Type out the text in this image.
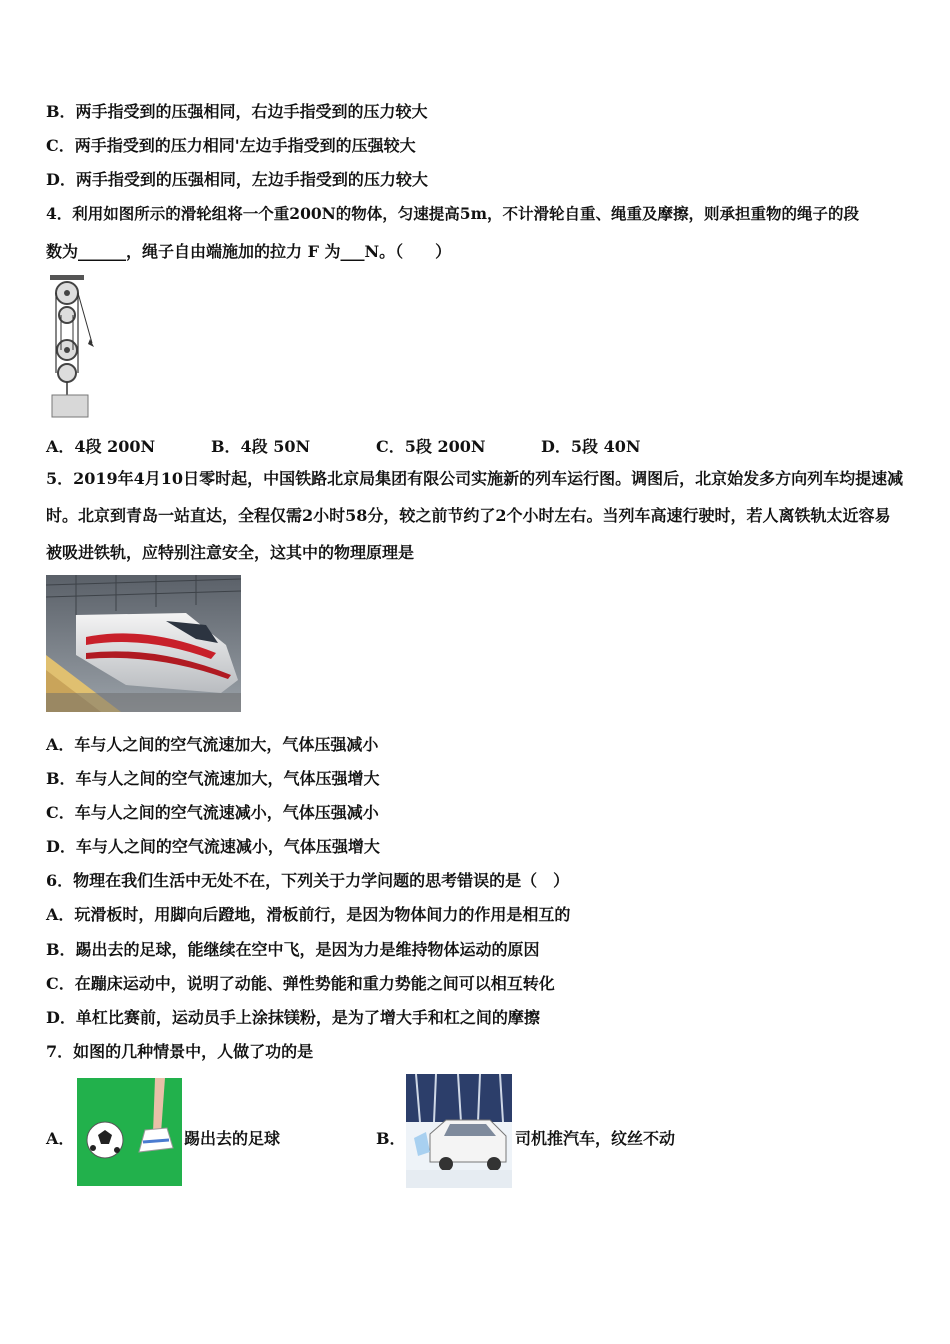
B．两手指受到的压强相同，右边手指受到的压力较大
C．两手指受到的压力相同'左边手指受到的压强较大
D．两手指受到的压强相同，左边手指受到的压力较大
4．利用如图所示的滑轮组将一个重200N的物体，匀速提高5m，不计滑轮自重、绳重及摩擦，则承担重物的绳子的段
数为______，绳子自由端施加的拉力 F 为___N。（　　）
A．4段 200N	B．4段 50N	C．5段 200N	D．5段 40N
5．2019年4月10日零时起，中国铁路北京局集团有限公司实施新的列车运行图。调图后，北京始发多方向列车均提速减时。北京到青岛一站直达，全程仅需2小时58分，较之前节约了2个小时左右。当列车高速行驶时，若人离铁轨太近容易被吸进铁轨，应特别注意安全，这其中的物理原理是
A．车与人之间的空气流速加大，气体压强减小
B．车与人之间的空气流速加大，气体压强增大
C．车与人之间的空气流速减小，气体压强减小
D．车与人之间的空气流速减小，气体压强增大
6．物理在我们生活中无处不在，下列关于力学问题的思考错误的是（　）
A．玩滑板时，用脚向后蹬地，滑板前行，是因为物体间力的作用是相互的
B．踢出去的足球，能继续在空中飞，是因为力是维持物体运动的原因
C．在蹦床运动中，说明了动能、弹性势能和重力势能之间可以相互转化
D．单杠比赛前，运动员手上涂抹镁粉，是为了增大手和杠之间的摩擦
7．如图的几种情景中，人做了功的是
A．	踢出去的足球	B．	司机推汽车，纹丝不动
